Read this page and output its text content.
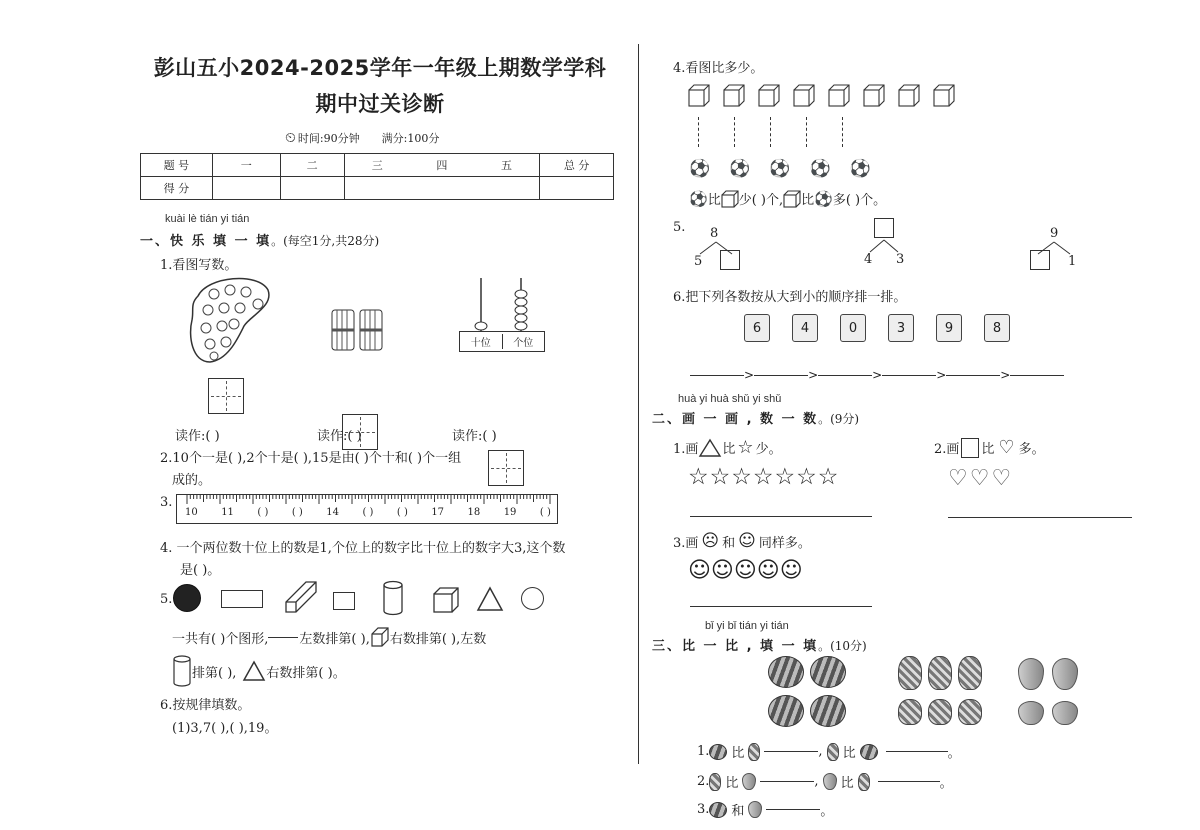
彭山五小2024-2025学年一年级上期数学学科
期中过关诊断
⏲ 时间:90分钟 满分:100分
题 号	一	二	三	四	五	总 分
得 分						
kuài lè tián yi tián
一、快 乐 填 一 填。(每空1分,共28分)
1.看图写数。
十位	个位
读作:( )	读作:( )	读作:( )
2.10个一是( ),2个十是( ),15是由( )个十和( )个一组
成的。
3.
10 11 ( ) ( ) 14 ( ) ( ) 17 18 19 ( )
4. 一个两位数十位上的数是1,个位上的数字比十位上的数字大3,这个数
是( )。
5.
一共有( )个图形, 左数排第( ), 右数排第( ),左数
排第( ), 右数排第( )。
6.按规律填数。
(1)3,7( ),( ),19。
4.看图比多少。
⚽ ⚽ ⚽ ⚽ ⚽
⚽ 比 少( )个, 比 ⚽ 多( )个。
5. 8
5	4 3
9
1
6.把下列各数按从大到小的顺序排一排。
6	4	0	3	9	8
>	>	>	>	>
huà yi huà shǔ yi shǔ
二、画 一 画 , 数 一 数。(9分)
1.画 比 ☆ 少。	2.画 比 ♡ 多。
☆☆☆☆☆☆☆	♡♡♡
3.画 ☹ 和 ☺ 同样多。
☺☺☺☺☺
bǐ yi bǐ tián yi tián
三、比 一 比 , 填 一 填。(10分)
1. 比	, 比	。
2. 比	, 比	。
3. 和	。
